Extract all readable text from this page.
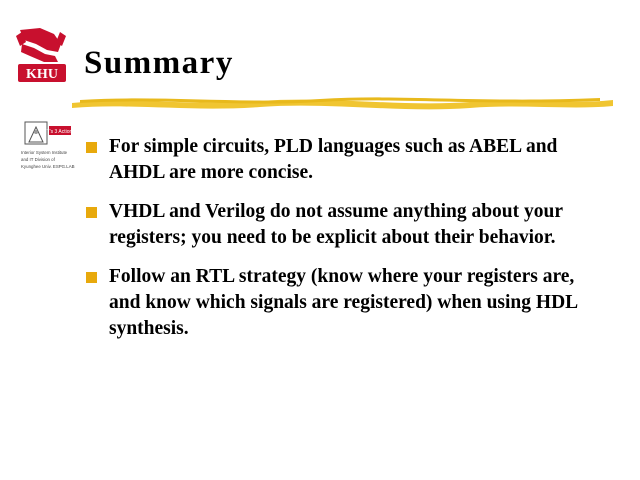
KHU Summary
IT's 3 Actions
Interior System Institute
and IT Division of
Kyunghee Univ. ESPG.LAB
For simple circuits, PLD languages such as ABEL and AHDL are more concise.
VHDL and Verilog do not assume anything about your registers; you need to be explicit about their behavior.
Follow an RTL strategy (know where your registers are, and know which signals are registered) when using HDL synthesis.
